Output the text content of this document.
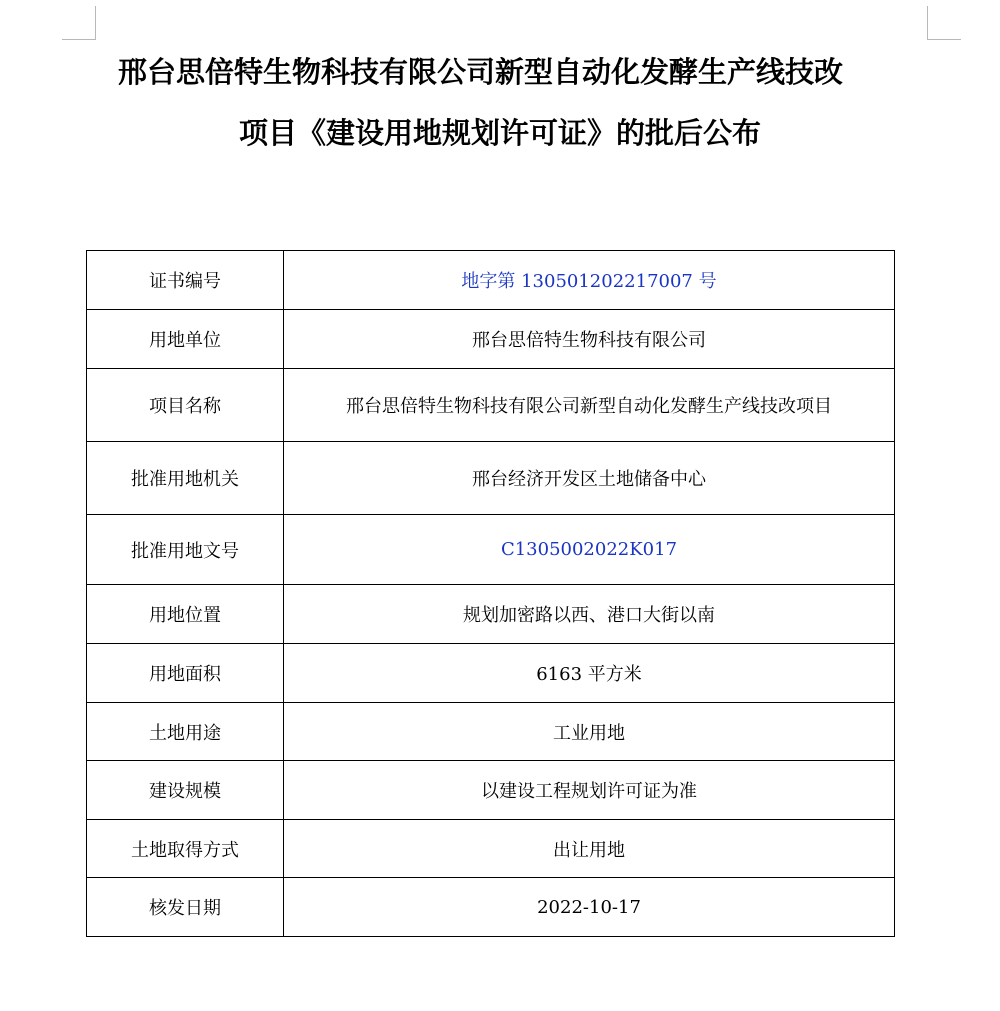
邢台思倍特生物科技有限公司新型自动化发酵生产线技改
项目《建设用地规划许可证》的批后公布
证书编号	地字第 130501202217007 号
用地单位	邢台思倍特生物科技有限公司
项目名称	邢台思倍特生物科技有限公司新型自动化发酵生产线技改项目
批准用地机关	邢台经济开发区土地储备中心
批准用地文号	C1305002022K017
用地位置	规划加密路以西、港口大街以南
用地面积	6163 平方米
土地用途	工业用地
建设规模	以建设工程规划许可证为准
土地取得方式	出让用地
核发日期	2022-10-17
